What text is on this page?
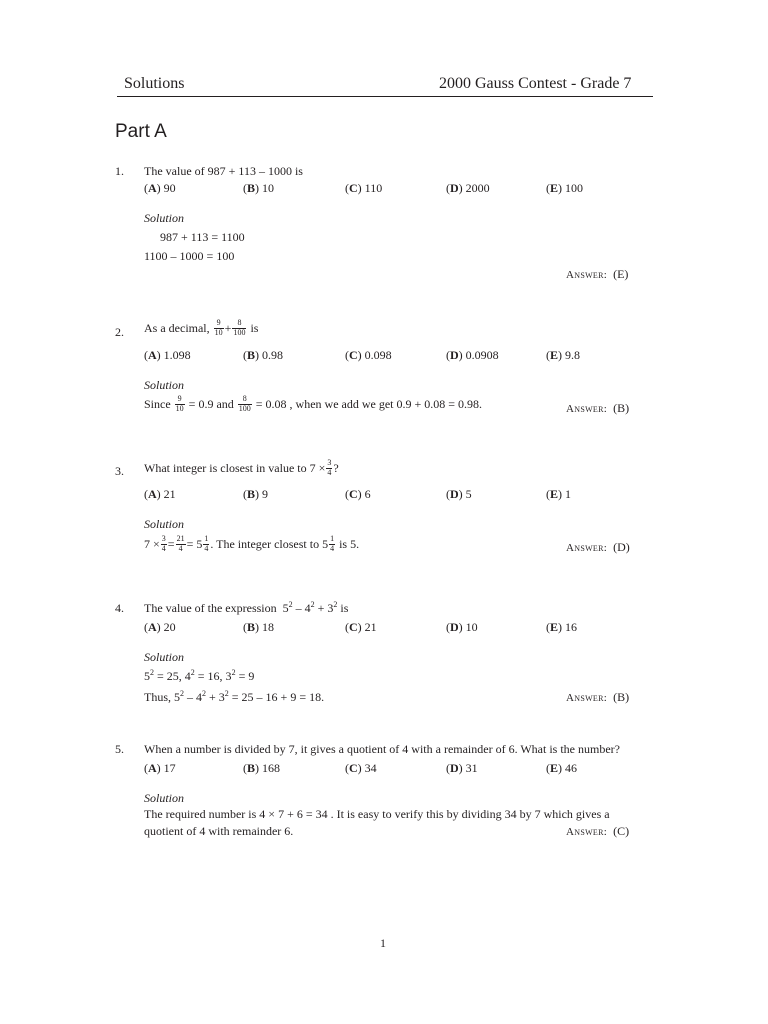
Solutions	2000 Gauss Contest - Grade 7
Part A
1. The value of 987 + 113 – 1000 is
(A) 90	(B) 10	(C) 110	(D) 2000	(E) 100
Solution
987 + 113 = 1100
1100 – 1000 = 100
Answer: (E)
2. As a decimal, $\frac{9}{10} + \frac{8}{100}$ is
(A) 1.098	(B) 0.98	(C) 0.098	(D) 0.0908	(E) 9.8
Solution
Since $\frac{9}{10} = 0.9$ and $\frac{8}{100} = 0.08$ , when we add we get 0.9 + 0.08 = 0.98.	Answer: (B)
3. What integer is closest in value to $7 \times \frac{3}{4}$ ?
(A) 21	(B) 9	(C) 6	(D) 5	(E) 1
Solution
$7 \times \frac{3}{4} = \frac{21}{4} = 5 \frac{1}{4}$ . The integer closest to $5 \frac{1}{4}$ is 5.	Answer: (D)
4. The value of the expression $5^2 - 4^2 + 3^2$ is
(A) 20	(B) 18	(C) 21	(D) 10	(E) 16
Solution
$5^2 = 25$, $4^2 = 16$, $3^2 = 9$
Thus, $5^2 - 4^2 + 3^2 = 25 - 16 + 9 = 18$.	Answer: (B)
5. When a number is divided by 7, it gives a quotient of 4 with a remainder of 6. What is the number?
(A) 17	(B) 168	(C) 34	(D) 31	(E) 46
Solution
The required number is 4 × 7 + 6 = 34 . It is easy to verify this by dividing 34 by 7 which gives a
quotient of 4 with remainder 6.	Answer: (C)
1
